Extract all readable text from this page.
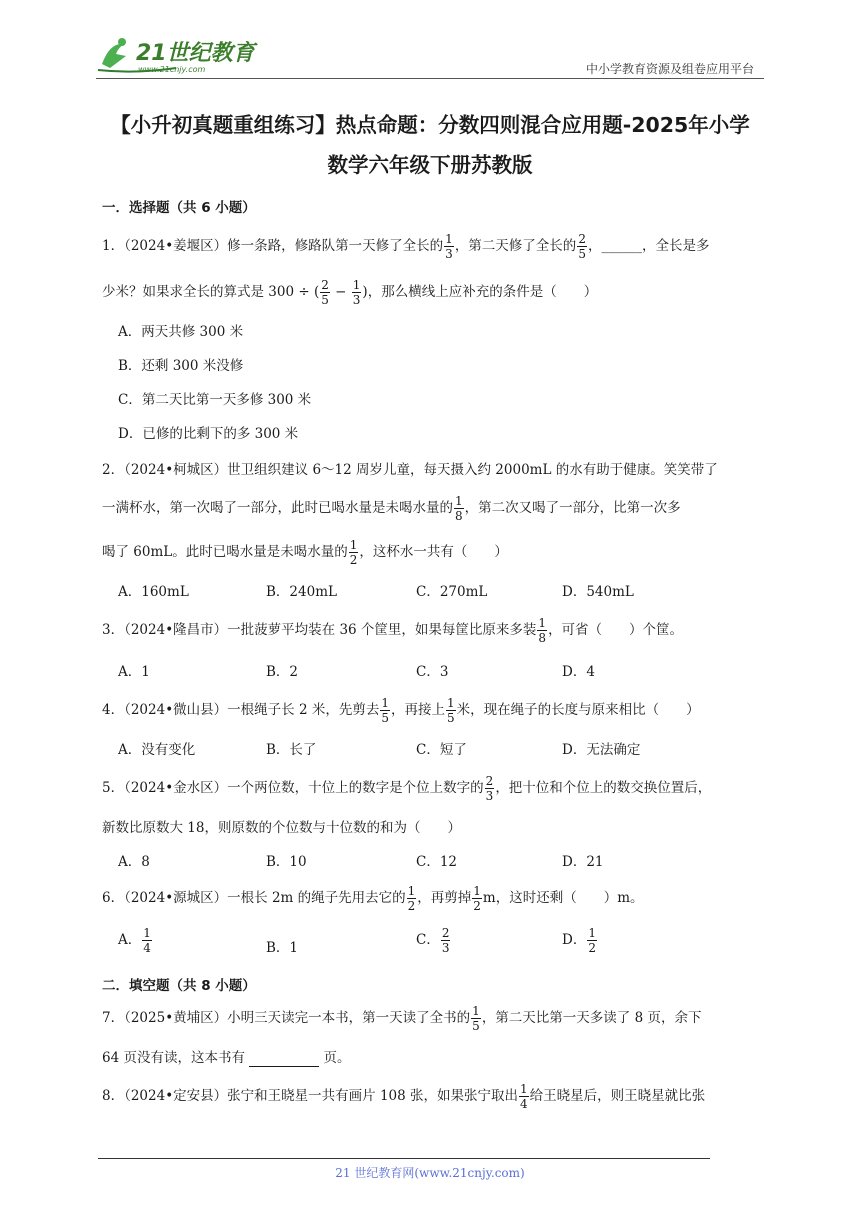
21世纪教育
www.21cnjy.com	中小学教育资源及组卷应用平台
【小升初真题重组练习】热点命题：分数四则混合应用题-2025年小学
数学六年级下册苏教版
一．选择题（共 6 小题）
1．（2024•姜堰区）修一条路，修路队第一天修了全长的 $\frac{1}{3}$ ，第二天修了全长的 $\frac{2}{5}$ ，______，全长是多
少米？如果求全长的算式是 300 ÷ ( $\frac{2}{5} - \frac{1}{3}$ )，那么横线上应补充的条件是（　　）
A．两天共修 300 米
B．还剩 300 米没修
C．第二天比第一天多修 300 米
D．已修的比剩下的多 300 米
2．（2024•柯城区）世卫组织建议 6～12 周岁儿童，每天摄入约 2000mL 的水有助于健康。笑笑带了
一满杯水，第一次喝了一部分，此时已喝水量是未喝水量的 $\frac{1}{8}$ ，第二次又喝了一部分，比第一次多
喝了 60mL。此时已喝水量是未喝水量的 $\frac{1}{2}$ ，这杯水一共有（　　）
A．160mL	B．240mL	C．270mL	D．540mL
3．（2024•隆昌市）一批菠萝平均装在 36 个筐里，如果每筐比原来多装 $\frac{1}{8}$ ，可省（　　）个筐。
A．1	B．2	C．3	D．4
4．（2024•微山县）一根绳子长 2 米，先剪去 $\frac{1}{5}$ ，再接上 $\frac{1}{5}$ 米，现在绳子的长度与原来相比（　　）
A．没有变化	B．长了	C．短了	D．无法确定
5．（2024•金水区）一个两位数，十位上的数字是个位上数字的 $\frac{2}{3}$ ，把十位和个位上的数交换位置后，
新数比原数大 18，则原数的个位数与十位数的和为（　　）
A．8	B．10	C．12	D．21
6．（2024•源城区）一根长 2m 的绳子先用去它的 $\frac{1}{2}$ ，再剪掉 $\frac{1}{2}$ m，这时还剩（　　）m。
A． $\frac{1}{4}$	B．1	C． $\frac{2}{3}$	D． $\frac{1}{2}$
二．填空题（共 8 小题）
7．（2025•黄埔区）小明三天读完一本书，第一天读了全书的 $\frac{1}{5}$ ，第二天比第一天多读了 8 页，余下
64 页没有读，这本书有	页。
8．（2024•定安县）张宁和王晓星一共有画片 108 张，如果张宁取出 $\frac{1}{4}$ 给王晓星后，则王晓星就比张
21 世纪教育网(www.21cnjy.com)
